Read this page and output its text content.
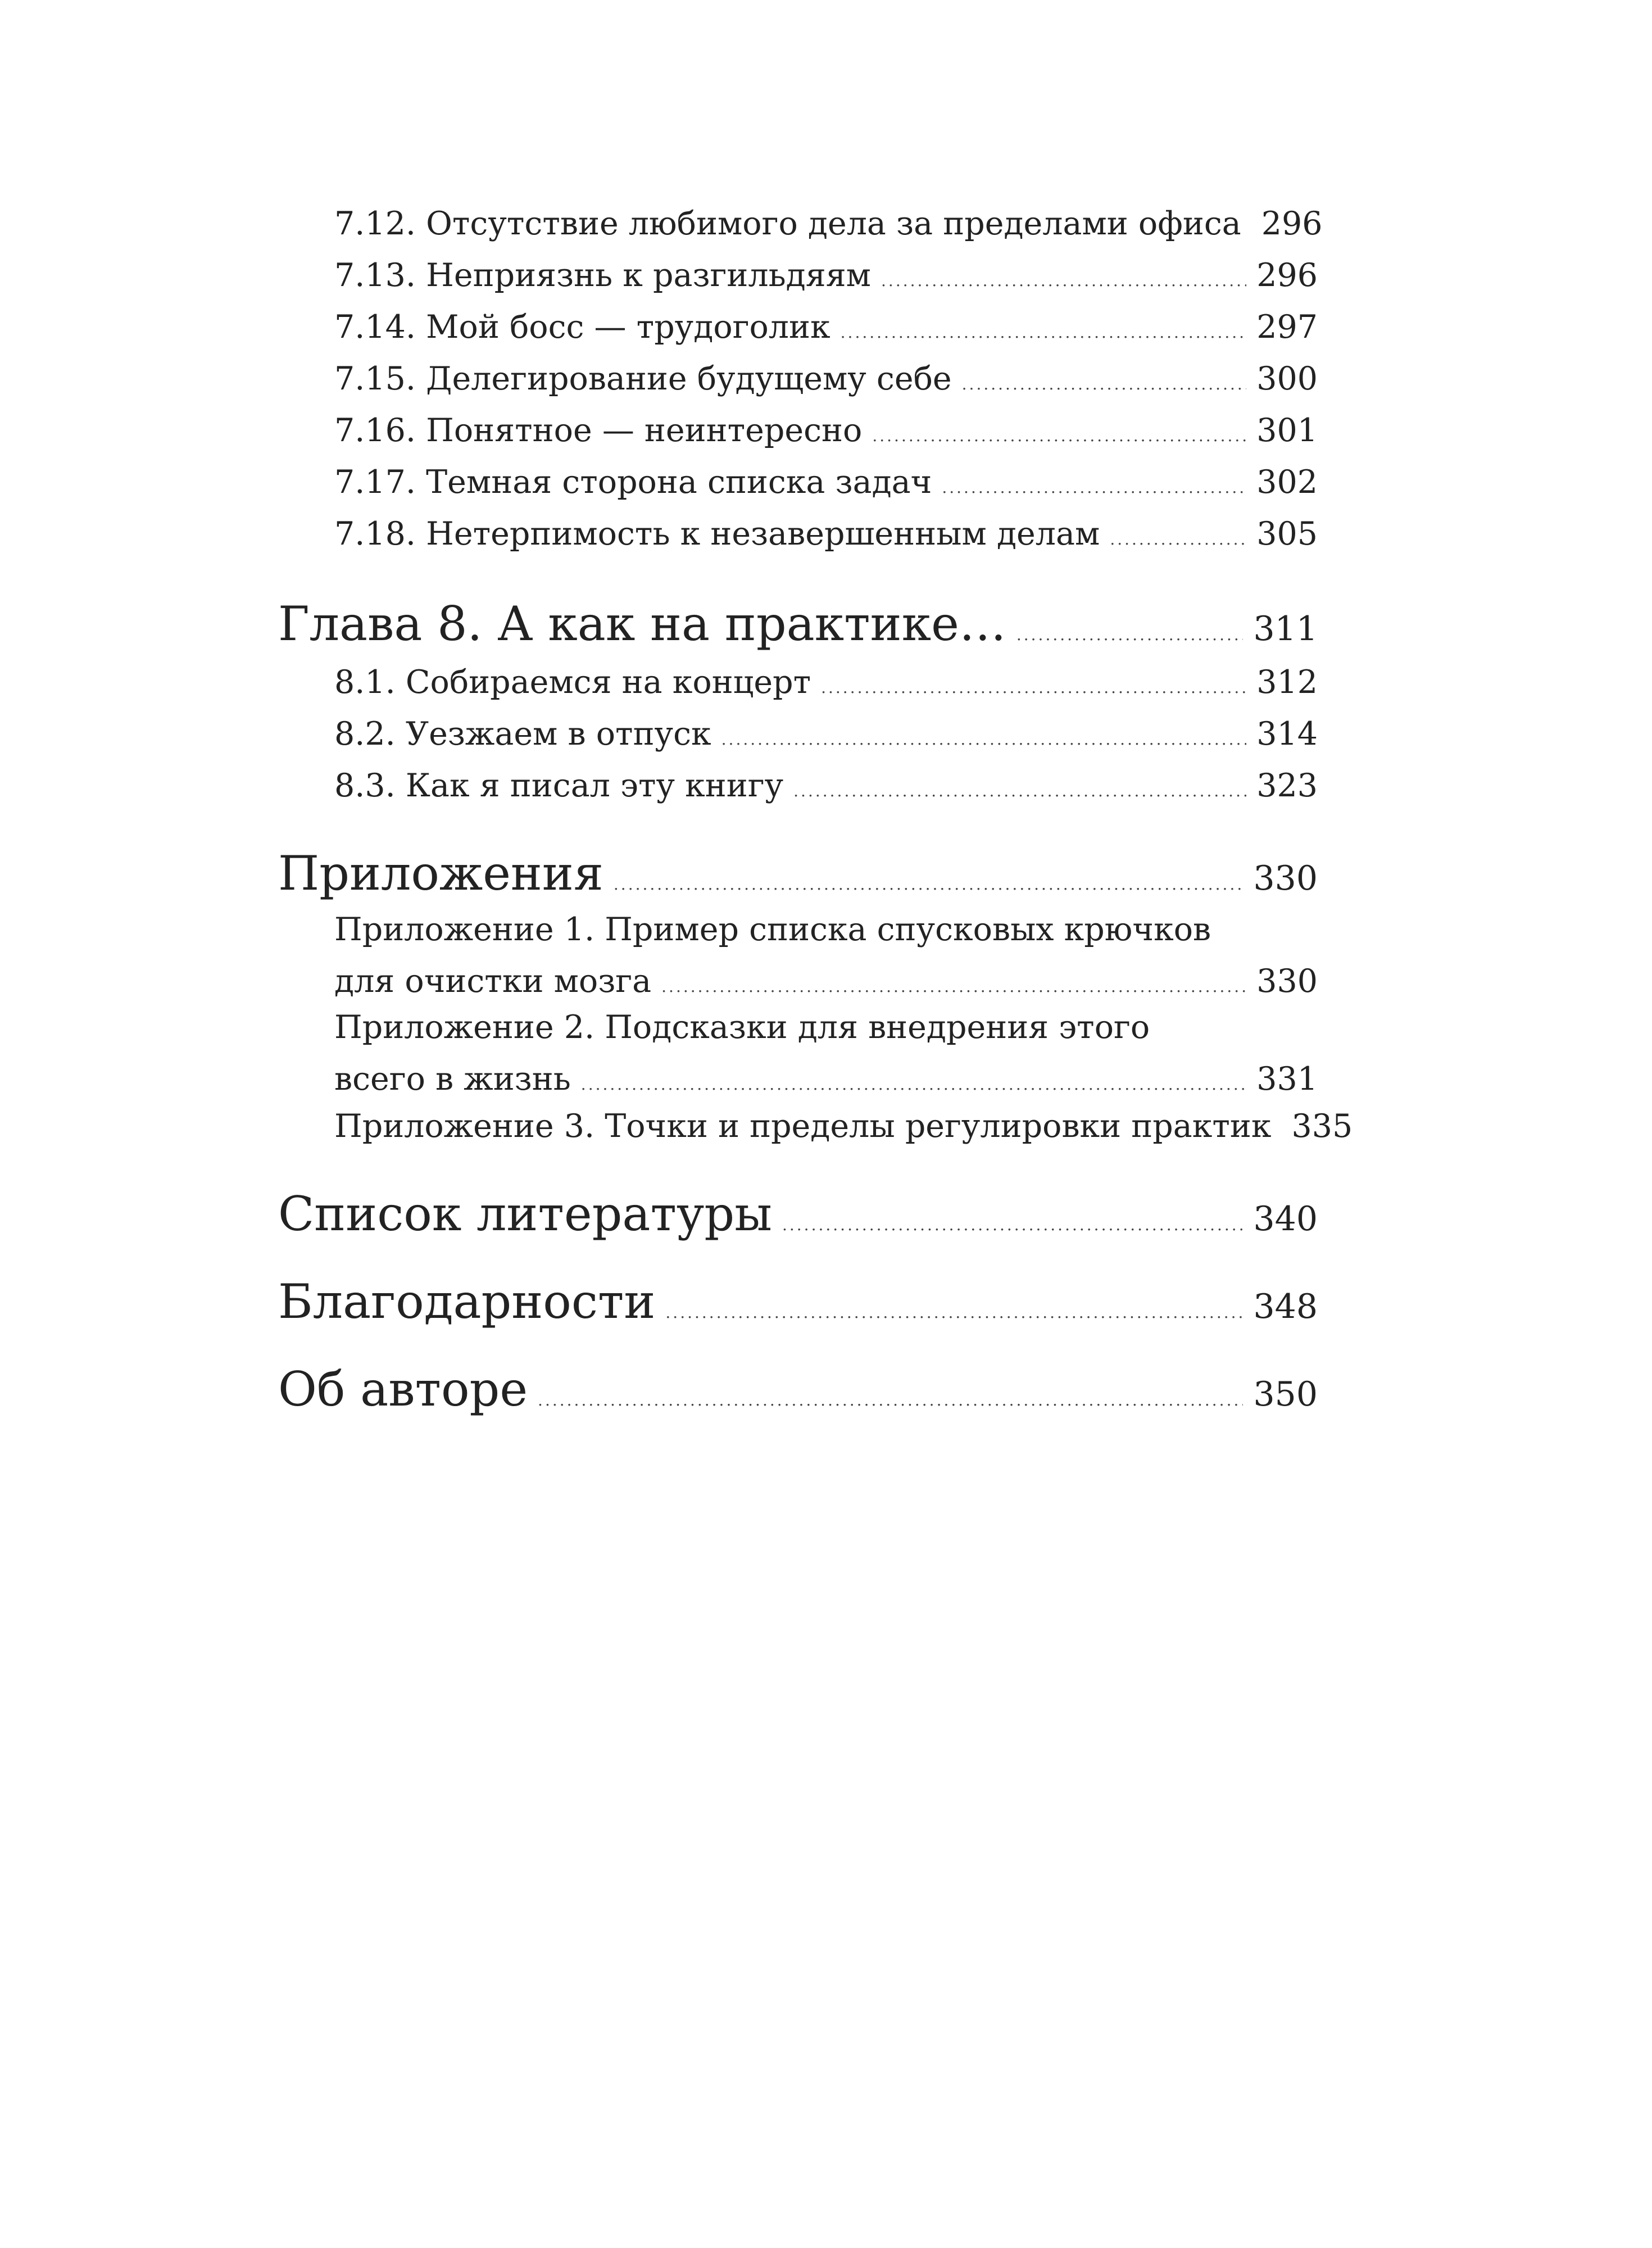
7.12. Отсутствие любимого дела за пределами офиса 296
7.13. Неприязнь к разгильдяям .....	296
7.14. Мой босс — трудоголик .....	297
7.15. Делегирование будущему себе .....	300
7.16. Понятное — неинтересно .....	301
7.17. Темная сторона списка задач .....	302
7.18. Нетерпимость к незавершенным делам .....	305
Глава 8. А как на практике… .....	311
8.1. Собираемся на концерт .....	312
8.2. Уезжаем в отпуск .....	314
8.3. Как я писал эту книгу .....	323
Приложения .....	330
Приложение 1. Пример списка спусковых крючков
для очистки мозга .....	330
Приложение 2. Подсказки для внедрения этого
всего в жизнь .....	331
Приложение 3. Точки и пределы регулировки практик 335
Список литературы .....	340
Благодарности .....	348
Об авторе .....	350
